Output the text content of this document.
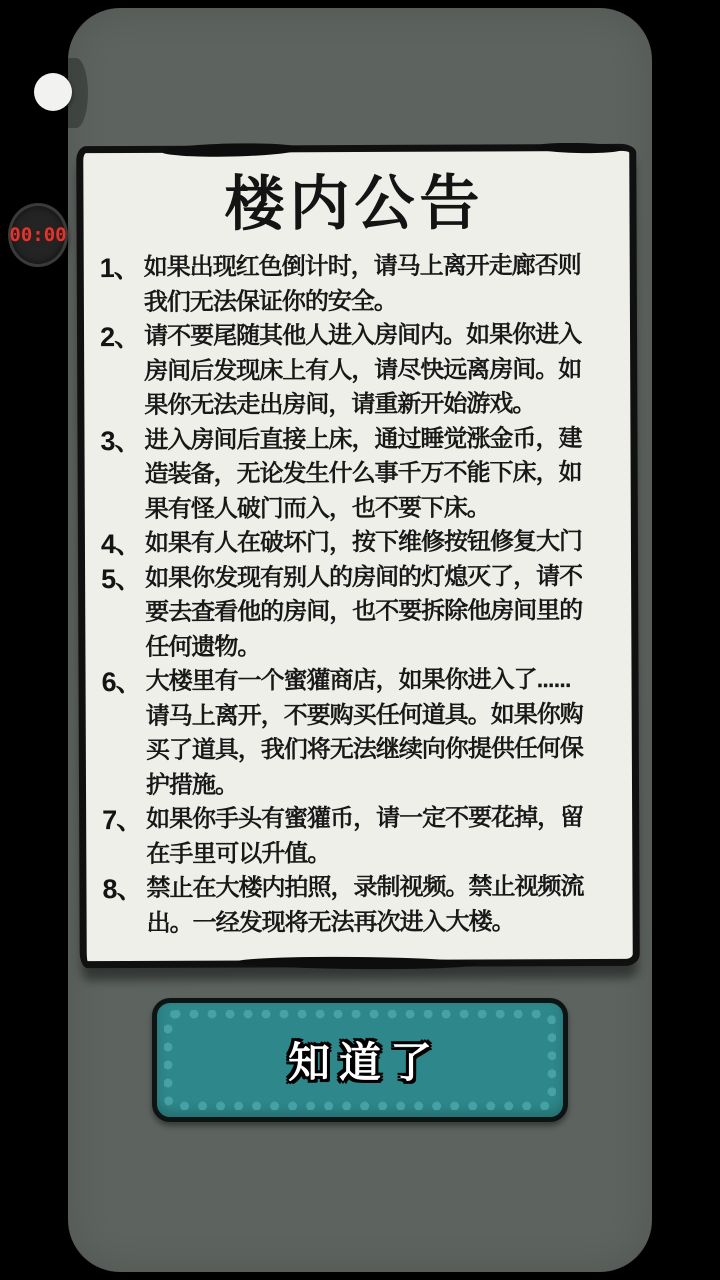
00:00	楼内公告
1、 如果出现红色倒计时，请马上离开走廊否则我们无法保证你的安全。
2、 请不要尾随其他人进入房间内。如果你进入房间后发现床上有人，请尽快远离房间。如果你无法走出房间，请重新开始游戏。
3、 进入房间后直接上床，通过睡觉涨金币，建造装备，无论发生什么事千万不能下床，如果有怪人破门而入，也不要下床。
4、 如果有人在破坏门，按下维修按钮修复大门
5、 如果你发现有别人的房间的灯熄灭了，请不要去查看他的房间，也不要拆除他房间里的任何遗物。
6、 大楼里有一个蜜獾商店，如果你进入了......请马上离开，不要购买任何道具。如果你购买了道具，我们将无法继续向你提供任何保护措施。
7、 如果你手头有蜜獾币，请一定不要花掉，留在手里可以升值。
8、 禁止在大楼内拍照，录制视频。禁止视频流出。一经发现将无法再次进入大楼。
知道了
